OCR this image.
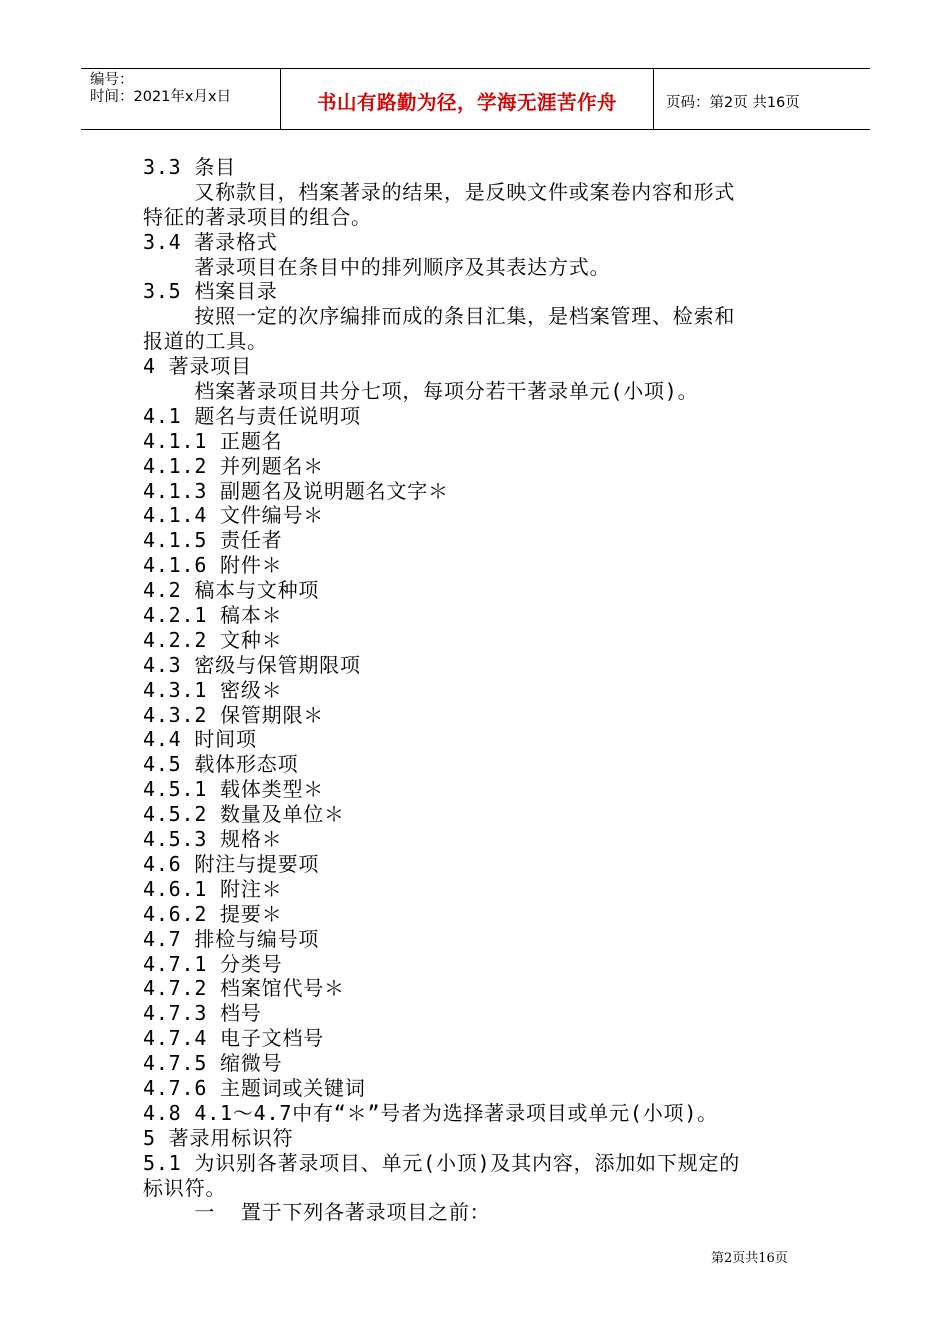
编号：
时间：2021年x月x日	书山有路勤为径，学海无涯苦作舟	页码：第2页 共16页
3.3 条目
又称款目，档案著录的结果，是反映文件或案卷内容和形式
特征的著录项目的组合。
3.4 著录格式
著录项目在条目中的排列顺序及其表达方式。
3.5 档案目录
按照一定的次序编排而成的条目汇集，是档案管理、检索和
报道的工具。
4 著录项目
档案著录项目共分七项，每项分若干著录单元(小项)。
4.1 题名与责任说明项
4.1.1 正题名
4.1.2 并列题名＊
4.1.3 副题名及说明题名文字＊
4.1.4 文件编号＊
4.1.5 责任者
4.1.6 附件＊
4.2 稿本与文种项
4.2.1 稿本＊
4.2.2 文种＊
4.3 密级与保管期限项
4.3.1 密级＊
4.3.2 保管期限＊
4.4 时间项
4.5 载体形态项
4.5.1 载体类型＊
4.5.2 数量及单位＊
4.5.3 规格＊
4.6 附注与提要项
4.6.1 附注＊
4.6.2 提要＊
4.7 排检与编号项
4.7.1 分类号
4.7.2 档案馆代号＊
4.7.3 档号
4.7.4 电子文档号
4.7.5 缩微号
4.7.6 主题词或关键词
4.8 4.1～4.7中有“＊”号者为选择著录项目或单元(小项)。
5 著录用标识符
5.1 为识别各著录项目、单元(小顶)及其内容，添加如下规定的
标识符。
一  置于下列各著录项目之前：
第2页共16页
